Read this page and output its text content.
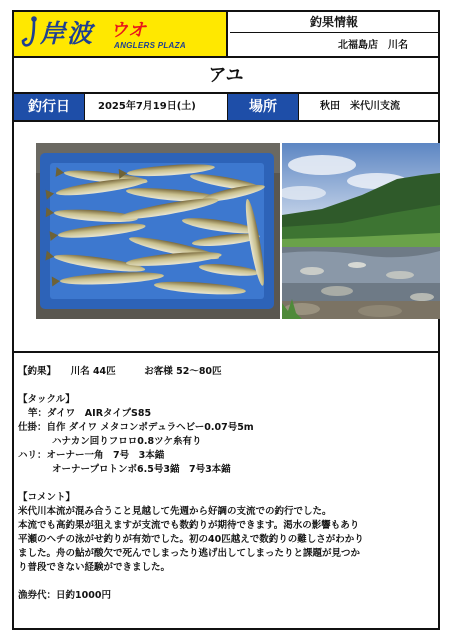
岸波 ウオ
ANGLERS PLAZA
釣果情報
北福島店　川名
アユ
釣行日	2025年7月19日(土)	場所	秋田　米代川支流
【釣果】 川名 44匹	お客様 52～80匹
【タックル】
竿：ダイワ　AIRタイプS85
仕掛：自作 ダイワ メタコンポデュラヘビー0.07号5m
ハナカン回りフロロ0.8ツケ糸有り
ハリ：オーナー一角　7号　3本錨
オーナープロトンボ6.5号3錨　7号3本錨
【コメント】
米代川本流が混み合うこと見越して先週から好調の支流での釣行でした。
本流でも高釣果が狙えますが支流でも数釣りが期待できます。渇水の影響もあり
平瀬のヘチの泳がせ釣りが有効でした。初の40匹越えで数釣りの難しさがわかり
ました。舟の鮎が酸欠で死んでしまったり逃げ出してしまったりと課題が見つか
り普段できない経験ができました。
漁券代：日釣1000円
